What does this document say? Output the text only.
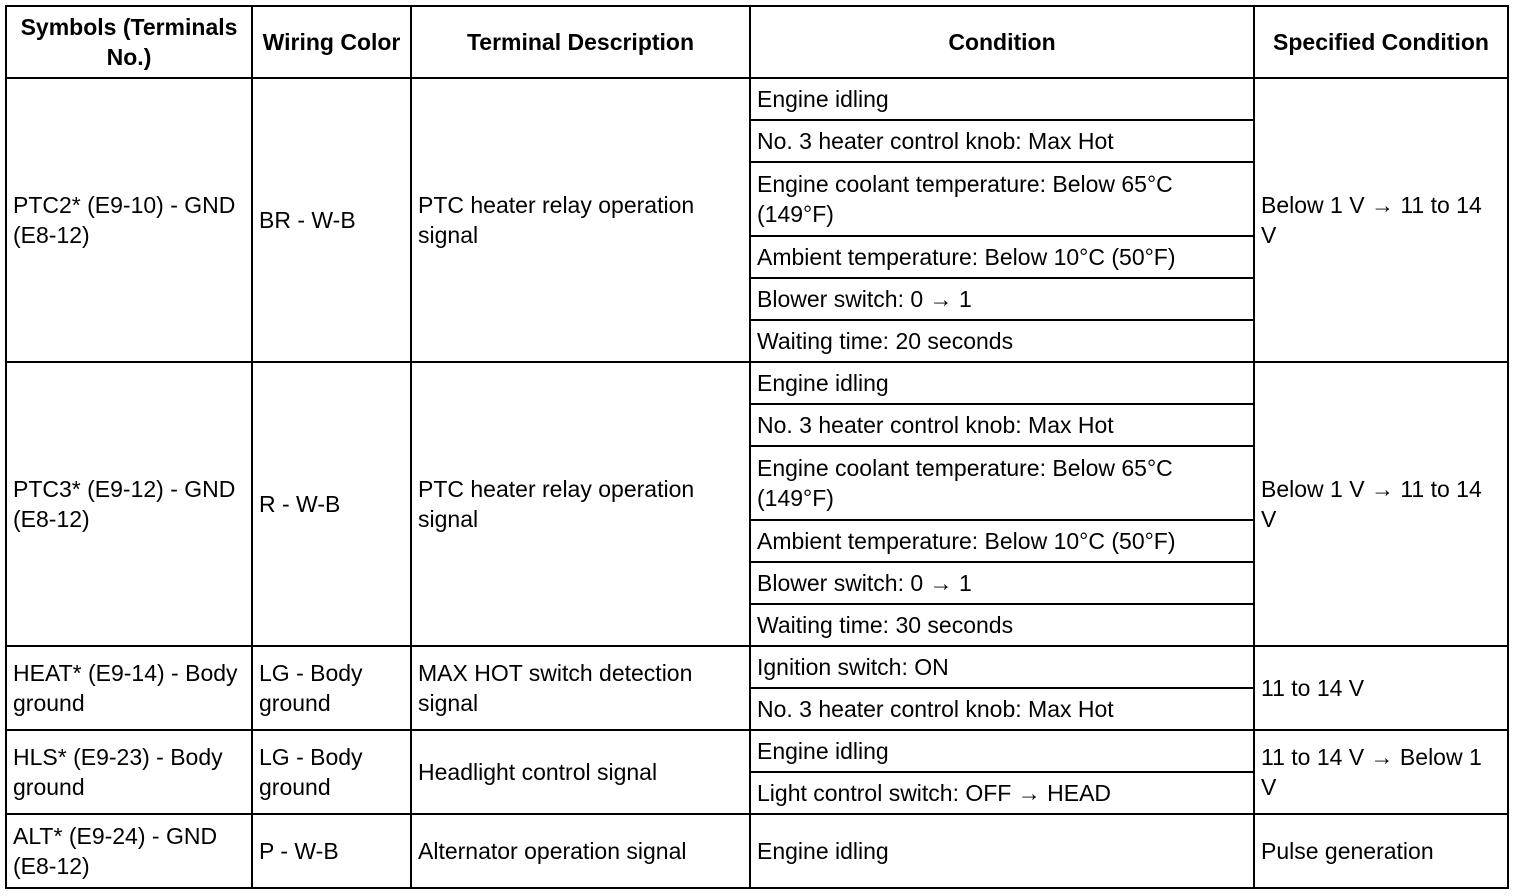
Symbols (Terminals No.)	Wiring Color	Terminal Description	Condition	Specified Condition
PTC2* (E9-10) - GND (E8-12)	BR - W-B	PTC heater relay operation signal	Engine idling	Below 1 V → 11 to 14 V
			No. 3 heater control knob: Max Hot	
			Engine coolant temperature: Below 65°C (149°F)	
			Ambient temperature: Below 10°C (50°F)	
			Blower switch: 0 → 1	
			Waiting time: 20 seconds	
PTC3* (E9-12) - GND (E8-12)	R - W-B	PTC heater relay operation signal	Engine idling	Below 1 V → 11 to 14 V
			No. 3 heater control knob: Max Hot	
			Engine coolant temperature: Below 65°C (149°F)	
			Ambient temperature: Below 10°C (50°F)	
			Blower switch: 0 → 1	
			Waiting time: 30 seconds	
HEAT* (E9-14) - Body ground	LG - Body ground	MAX HOT switch detection signal	Ignition switch: ON	11 to 14 V
			No. 3 heater control knob: Max Hot	
HLS* (E9-23) - Body ground	LG - Body ground	Headlight control signal	Engine idling	11 to 14 V → Below 1 V
			Light control switch: OFF → HEAD	
ALT* (E9-24) - GND (E8-12)	P - W-B	Alternator operation signal	Engine idling	Pulse generation
